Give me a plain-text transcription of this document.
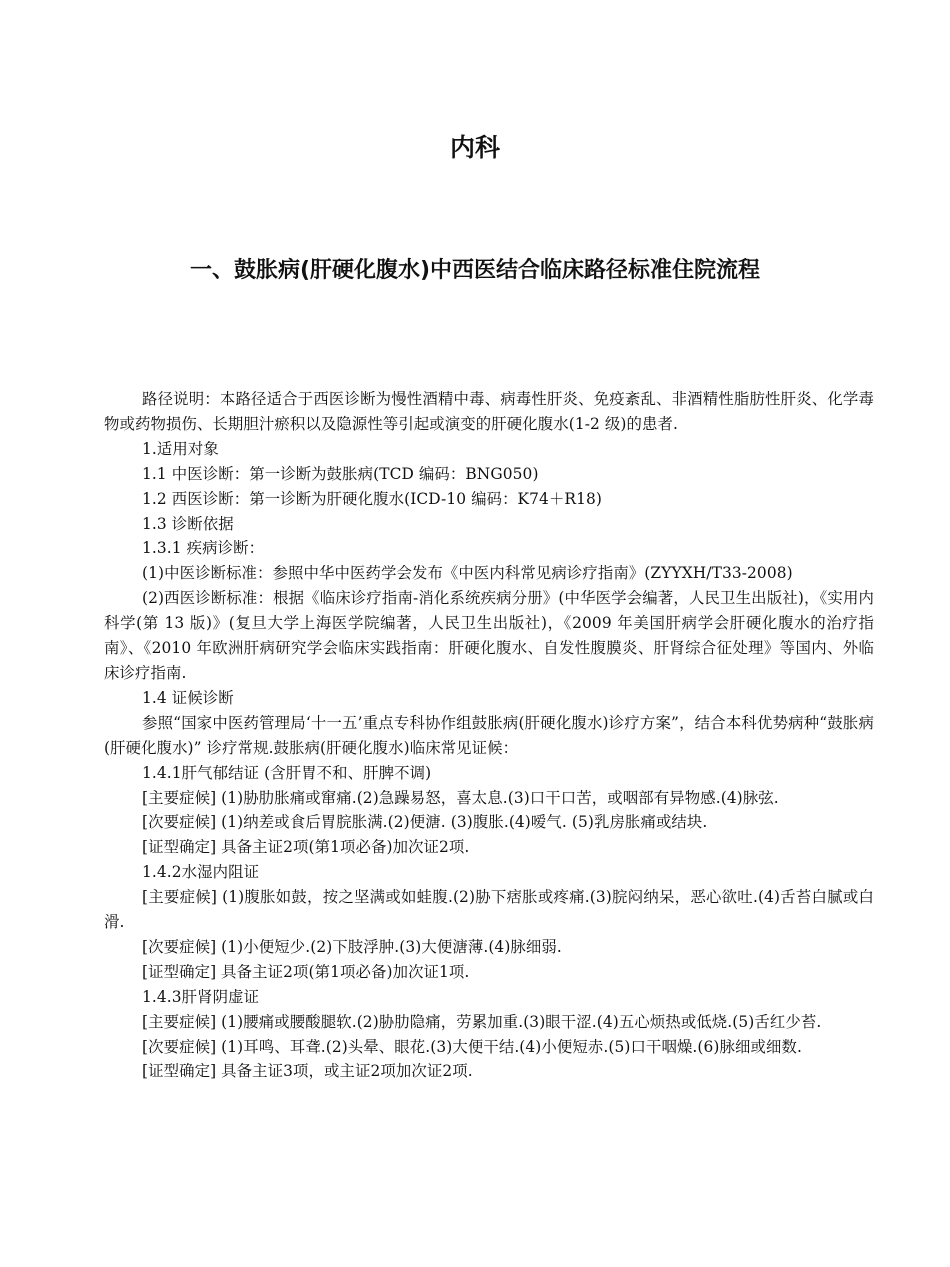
内科
一、鼓胀病(肝硬化腹水)中西医结合临床路径标准住院流程

路径说明：本路径适合于西医诊断为慢性酒精中毒、病毒性肝炎、免疫紊乱、非酒精性脂肪性肝炎、化学毒物或药物损伤、长期胆汁瘀积以及隐源性等引起或演变的肝硬化腹水(1-2 级)的患者.

1.适用对象

1.1 中医诊断：第一诊断为鼓胀病(TCD 编码：BNG050)

1.2 西医诊断：第一诊断为肝硬化腹水(ICD-10 编码：K74＋R18)

1.3 诊断依据

1.3.1 疾病诊断：

(1)中医诊断标准：参照中华中医药学会发布《中医内科常见病诊疗指南》(ZYYXH/T33-2008)

(2)西医诊断标准：根据《临床诊疗指南-消化系统疾病分册》(中华医学会编著，人民卫生出版社)，《实用内科学(第 13 版)》(复旦大学上海医学院编著，人民卫生出版社)，《2009 年美国肝病学会肝硬化腹水的治疗指南》、《2010 年欧洲肝病研究学会临床实践指南：肝硬化腹水、自发性腹膜炎、肝肾综合征处理》等国内、外临床诊疗指南.

1.4 证候诊断

参照“国家中医药管理局‘十一五’重点专科协作组鼓胀病(肝硬化腹水)诊疗方案”，结合本科优势病种“鼓胀病(肝硬化腹水)” 诊疗常规.鼓胀病(肝硬化腹水)临床常见证候：

1.4.1肝气郁结证 (含肝胃不和、肝脾不调)

[主要症候] (1)胁肋胀痛或窜痛.(2)急躁易怒，喜太息.(3)口干口苦，或咽部有异物感.(4)脉弦.

[次要症候] (1)纳差或食后胃脘胀满.(2)便溏. (3)腹胀.(4)嗳气. (5)乳房胀痛或结块.

[证型确定] 具备主证2项(第1项必备)加次证2项.

1.4.2水湿内阻证

[主要症候] (1)腹胀如鼓，按之坚满或如蛙腹.(2)胁下痞胀或疼痛.(3)脘闷纳呆，恶心欲吐.(4)舌苔白腻或白滑.

[次要症候] (1)小便短少.(2)下肢浮肿.(3)大便溏薄.(4)脉细弱.

[证型确定] 具备主证2项(第1项必备)加次证1项.

1.4.3肝肾阴虚证

[主要症候] (1)腰痛或腰酸腿软.(2)胁肋隐痛，劳累加重.(3)眼干涩.(4)五心烦热或低烧.(5)舌红少苔.

[次要症候] (1)耳鸣、耳聋.(2)头晕、眼花.(3)大便干结.(4)小便短赤.(5)口干咽燥.(6)脉细或细数.

[证型确定] 具备主证3项，或主证2项加次证2项.
